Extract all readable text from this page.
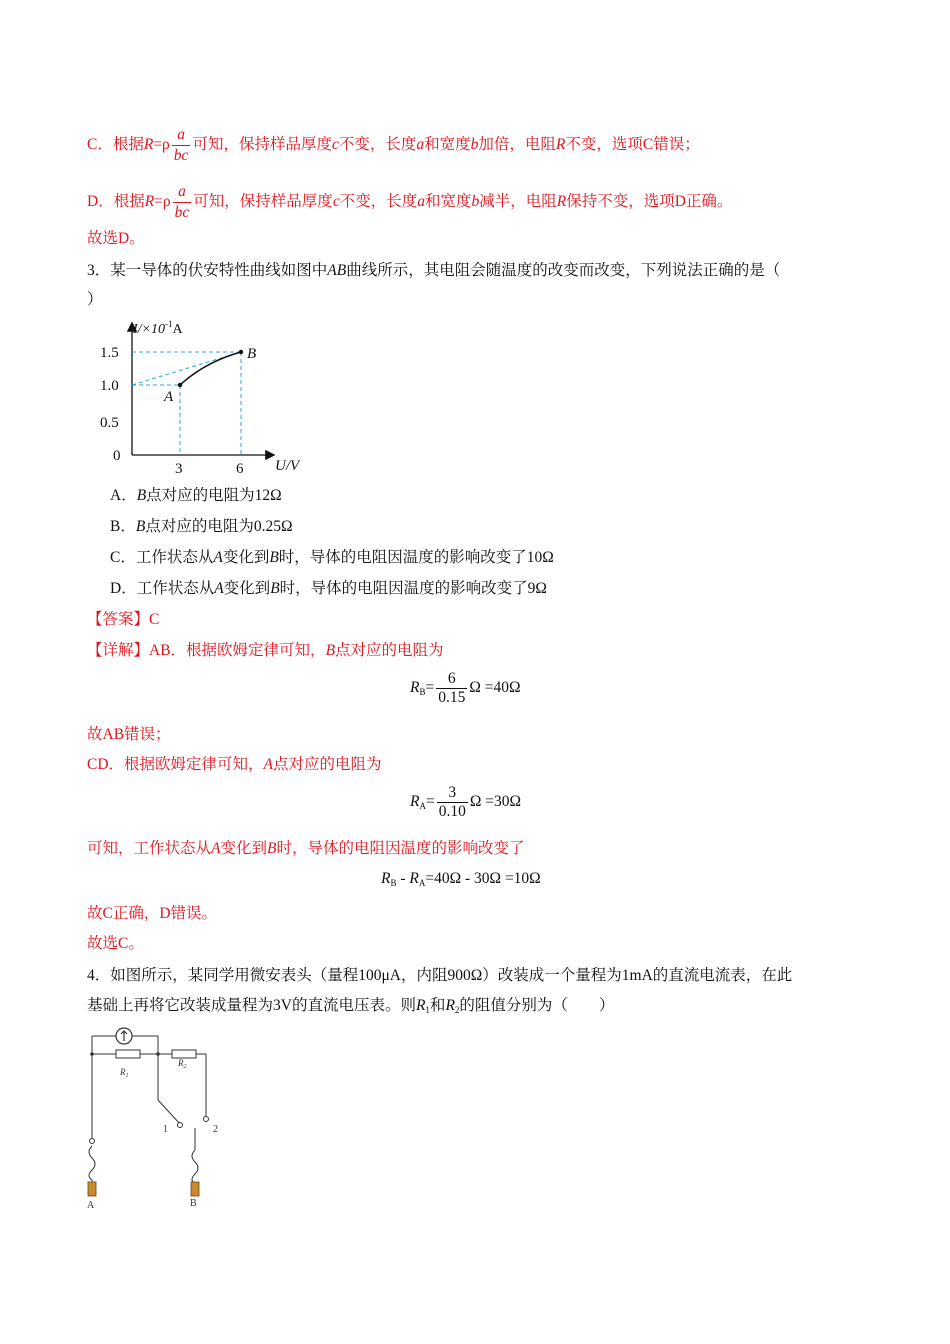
C．根据$R=\rho \frac{a}{bc}$ 可知，保持样品厚度c不变，长度a和宽度b加倍，电阻R不变，选项C错误；
D．根据$R=\rho \frac{a}{bc}$ 可知，保持样品厚度c不变，长度a和宽度b减半，电阻R保持不变，选项D正确。
故选D。
3．某一导体的伏安特性曲线如图中AB曲线所示，其电阻会随温度的改变而改变，下列说法正确的是（
）
$I/\times 10^{-1}A$
1.5
1.0
0.5
0
3	6 U/V
A
B
A．B点对应的电阻为12Ω
B．B点对应的电阻为0.25Ω
C．工作状态从A变化到B时，导体的电阻因温度的影响改变了10Ω
D．工作状态从A变化到B时，导体的电阻因温度的影响改变了9Ω
【答案】C
【详解】AB．根据欧姆定律可知，B点对应的电阻为
$R_B= \frac{6}{0.15}$ Ω =40Ω
故AB错误；
CD．根据欧姆定律可知，A点对应的电阻为
$R_A= \frac{3}{0.10}$ Ω =30Ω
可知，工作状态从A变化到B时，导体的电阻因温度的影响改变了
$R_B - R_A=40\Omega - 30\Omega =10\Omega$
故C正确，D错误。
故选C。
4．如图所示，某同学用微安表头（量程100μA，内阻900Ω）改装成一个量程为1mA的直流电流表，在此
基础上再将它改装成量程为3V的直流电压表。则$R_1$和$R_2$的阻值分别为（　　）
$R_1$
$R_2$
1	2
A	B
